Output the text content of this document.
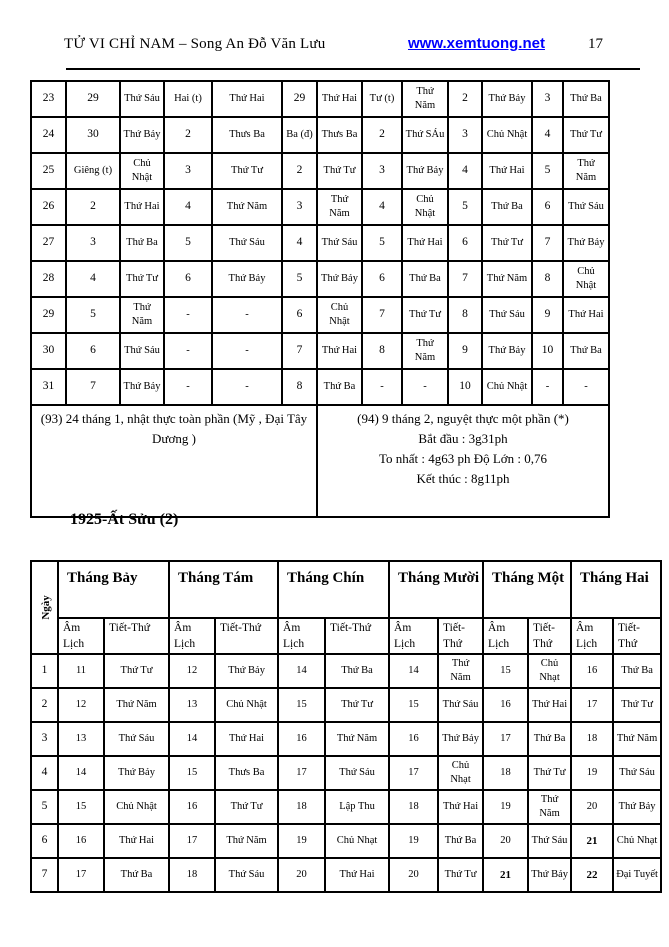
TỬ VI CHỈ NAM – Song An Đỗ Văn Lưu	www.xemtuong.net	17
23	29	Thứ Sáu	Hai (t)	Thứ Hai	29	Thứ Hai	Tư (t)	Thứ Năm	2	Thứ Bảy	3	Thứ Ba
24	30	Thứ Bảy	2	Thưs Ba	Ba (đ)	Thưs Ba	2	Thứ SÁu	3	Chủ Nhật	4	Thứ Tư
25	Giêng (t)	Chủ Nhật	3	Thứ Tư	2	Thứ Tư	3	Thứ Bảy	4	Thứ Hai	5	Thứ Năm
26	2	Thứ Hai	4	Thứ Năm	3	Thứ Năm	4	Chủ Nhật	5	Thứ Ba	6	Thứ Sáu
27	3	Thứ Ba	5	Thứ Sáu	4	Thứ Sáu	5	Thứ Hai	6	Thứ Tư	7	Thứ Bảy
28	4	Thứ Tư	6	Thứ Bảy	5	Thứ Bảy	6	Thứ Ba	7	Thứ Năm	8	Chủ Nhật
29	5	Thứ Năm	-	-	6	Chủ Nhật	7	Thứ Tư	8	Thứ Sáu	9	Thứ Hai
30	6	Thứ Sáu	-	-	7	Thứ Hai	8	Thứ Năm	9	Thứ Bảy	10	Thứ Ba
31	7	Thứ Bảy	-	-	8	Thứ Ba	-	-	10	Chủ Nhật	-	-
(93) 24 tháng 1, nhật thực toàn phần (Mỹ , Đại Tây Dương )						(94) 9 tháng 2, nguyệt thực một phần (*)
Bắt đầu : 3g31ph
To nhất : 4g63 ph Độ Lớn : 0,76
Kết thúc : 8g11ph						
1925-Ất Sửu (2)
Ngày	Tháng Bảy		Tháng Tám		Tháng Chín		Tháng Mười		Tháng Một		Tháng Hai	
	Âm Lịch	Tiết-Thứ	Âm Lịch	Tiết-Thứ	Âm Lịch	Tiết-Thứ	Âm Lịch	Tiết-Thứ	Âm Lịch	Tiết-Thứ	Âm Lịch	Tiết-Thứ
1	11	Thứ Tư	12	Thứ Bảy	14	Thứ Ba	14	Thứ Năm	15	Chủ Nhạt	16	Thứ Ba
2	12	Thứ Năm	13	Chủ Nhật	15	Thứ Tư	15	Thứ Sáu	16	Thứ Hai	17	Thứ Tư
3	13	Thứ Sáu	14	Thứ Hai	16	Thứ Năm	16	Thứ Bảy	17	Thứ Ba	18	Thứ Năm
4	14	Thứ Bảy	15	Thưs Ba	17	Thứ Sáu	17	Chủ Nhạt	18	Thứ Tư	19	Thứ Sáu
5	15	Chủ Nhật	16	Thứ Tư	18	Lập Thu	18	Thứ Hai	19	Thứ Năm	20	Thứ Bảy
6	16	Thứ Hai	17	Thứ Năm	19	Chủ Nhạt	19	Thứ Ba	20	Thứ Sáu	21	Chủ Nhạt
7	17	Thứ Ba	18	Thứ Sáu	20	Thứ Hai	20	Thứ Tư	21	Thứ Bảy	22	Đại Tuyết
